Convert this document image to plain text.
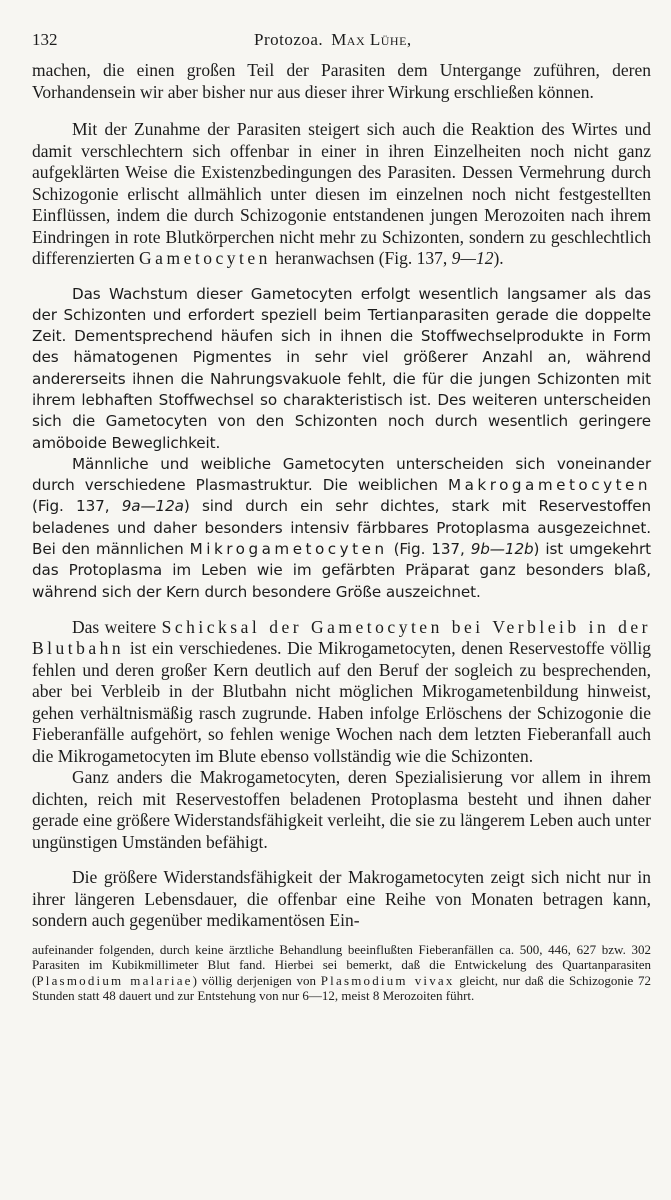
132	Protozoa. Max Lühe,

machen, die einen großen Teil der Parasiten dem Untergange zuführen, deren Vorhandensein wir aber bisher nur aus dieser ihrer Wirkung erschließen können.

Mit der Zunahme der Parasiten steigert sich auch die Reaktion des Wirtes und damit verschlechtern sich offenbar in einer in ihren Einzelheiten noch nicht ganz aufgeklärten Weise die Existenzbedingungen des Parasiten. Dessen Vermehrung durch Schizogonie erlischt allmählich unter diesen im einzelnen noch nicht festgestellten Einflüssen, indem die durch Schizogonie entstandenen jungen Merozoiten nach ihrem Eindringen in rote Blutkörperchen nicht mehr zu Schizonten, sondern zu geschlechtlich differenzierten Gametocyten heranwachsen (Fig. 137, 9—12).

Das Wachstum dieser Gametocyten erfolgt wesentlich langsamer als das der Schizonten und erfordert speziell beim Tertianparasiten gerade die doppelte Zeit. Dementsprechend häufen sich in ihnen die Stoffwechselprodukte in Form des hämatogenen Pigmentes in sehr viel größerer Anzahl an, während andererseits ihnen die Nahrungsvakuole fehlt, die für die jungen Schizonten mit ihrem lebhaften Stoffwechsel so charakteristisch ist. Des weiteren unterscheiden sich die Gametocyten von den Schizonten noch durch wesentlich geringere amöboide Beweglichkeit.

Männliche und weibliche Gametocyten unterscheiden sich voneinander durch verschiedene Plasmastruktur. Die weiblichen Makrogametocyten (Fig. 137, 9a—12a) sind durch ein sehr dichtes, stark mit Reservestoffen beladenes und daher besonders intensiv färbbares Protoplasma ausgezeichnet. Bei den männlichen Mikrogametocyten (Fig. 137, 9b—12b) ist umgekehrt das Protoplasma im Leben wie im gefärbten Präparat ganz besonders blaß, während sich der Kern durch besondere Größe auszeichnet.

Das weitere Schicksal der Gametocyten bei Verbleib in der Blutbahn ist ein verschiedenes. Die Mikrogametocyten, denen Reservestoffe völlig fehlen und deren großer Kern deutlich auf den Beruf der sogleich zu besprechenden, aber bei Verbleib in der Blutbahn nicht möglichen Mikrogametenbildung hinweist, gehen verhältnismäßig rasch zugrunde. Haben infolge Erlöschens der Schizogonie die Fieberanfälle aufgehört, so fehlen wenige Wochen nach dem letzten Fieberanfall auch die Mikrogametocyten im Blute ebenso vollständig wie die Schizonten.

Ganz anders die Makrogametocyten, deren Spezialisierung vor allem in ihrem dichten, reich mit Reservestoffen beladenen Protoplasma besteht und ihnen daher gerade eine größere Widerstandsfähigkeit verleiht, die sie zu längerem Leben auch unter ungünstigen Umständen befähigt.

Die größere Widerstandsfähigkeit der Makrogametocyten zeigt sich nicht nur in ihrer längeren Lebensdauer, die offenbar eine Reihe von Monaten betragen kann, sondern auch gegenüber medikamentösen Ein-

aufeinander folgenden, durch keine ärztliche Behandlung beeinflußten Fieberanfällen ca. 500, 446, 627 bzw. 302 Parasiten im Kubikmillimeter Blut fand. Hierbei sei bemerkt, daß die Entwickelung des Quartanparasiten (Plasmodium malariae) völlig derjenigen von Plasmodium vivax gleicht, nur daß die Schizogonie 72 Stunden statt 48 dauert und zur Entstehung von nur 6—12, meist 8 Merozoiten führt.
